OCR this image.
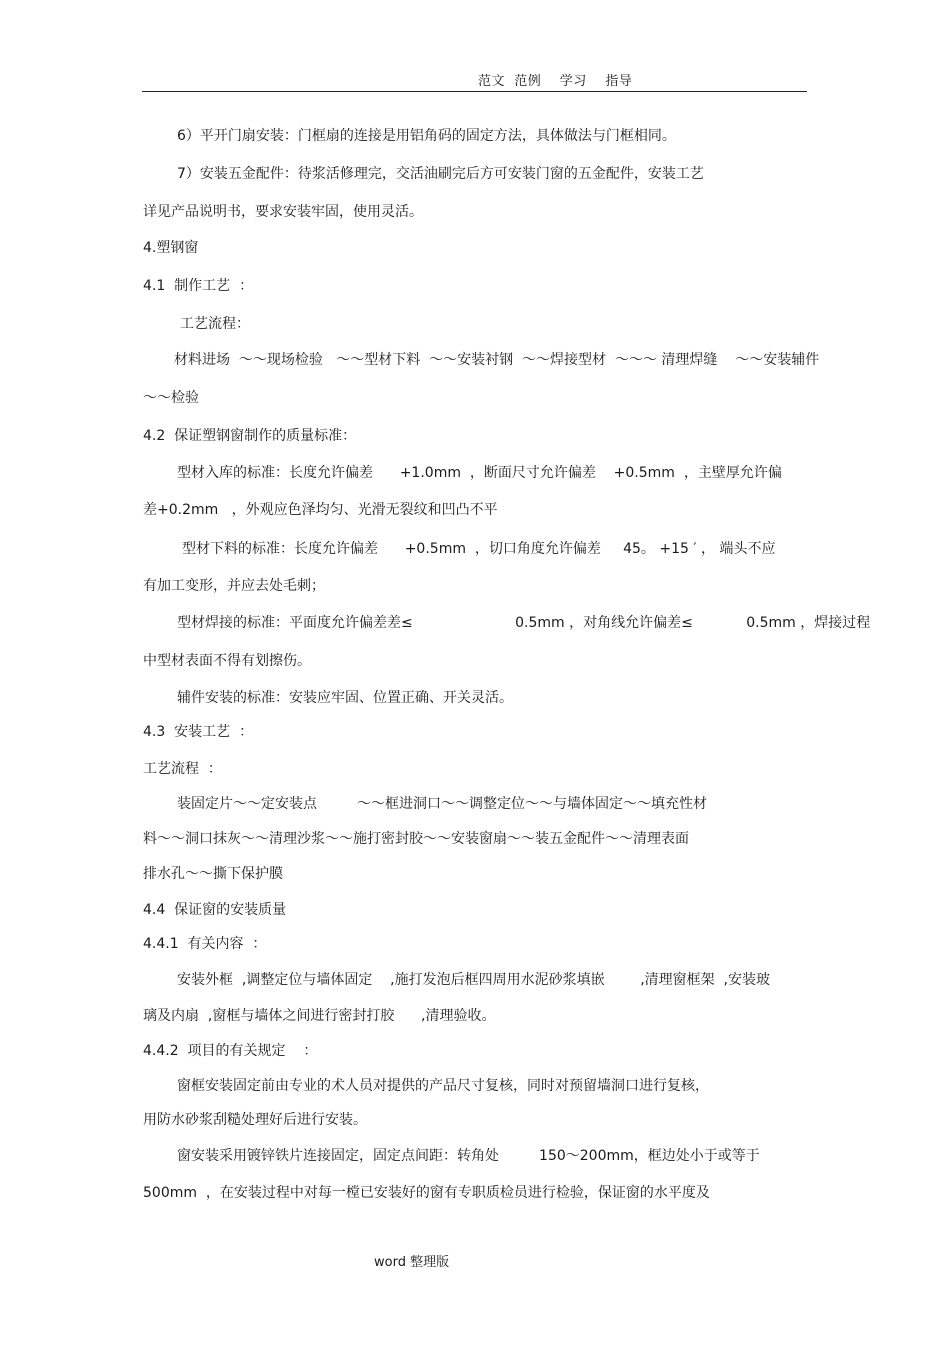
范文  范例    学习    指导
6）平开门扇安装：门框扇的连接是用铝角码的固定方法，具体做法与门框相同。
7）安装五金配件：待浆活修理完，交活油刷完后方可安装门窗的五金配件，安装工艺
详见产品说明书，要求安装牢固，使用灵活。
4.塑钢窗
4.1  制作工艺  ：
工艺流程：
材料进场  ～～现场检验   ～～型材下料  ～～安装衬钢  ～～焊接型材  ～～～ 清理焊缝    ～～安装辅件
～～检验
4.2  保证塑钢窗制作的质量标准：
型材入库的标准：长度允许偏差      +1.0mm  ，断面尺寸允许偏差    +0.5mm  ，主壁厚允许偏
差+0.2mm   ，外观应色泽均匀、光滑无裂纹和凹凸不平
型材下料的标准：长度允许偏差      +0.5mm  ，切口角度允许偏差     45。 +15 ′ ， 端头不应
有加工变形，并应去处毛刺；
型材焊接的标准：平面度允许偏差差≤                       0.5mm ，对角线允许偏差≤            0.5mm ，焊接过程
中型材表面不得有划擦伤。
辅件安装的标准：安装应牢固、位置正确、开关灵活。
4.3  安装工艺  ：
工艺流程  ：
装固定片～～定安装点         ～～框进洞口～～调整定位～～与墙体固定～～填充性材
料～～洞口抹灰～～清理沙浆～～施打密封胶～～安装窗扇～～装五金配件～～清理表面
排水孔～～撕下保护膜
4.4  保证窗的安装质量
4.4.1  有关内容  ：
安装外框  ,调整定位与墙体固定    ,施打发泡后框四周用水泥砂浆填嵌        ,清理窗框架  ,安装玻
璃及内扇  ,窗框与墙体之间进行密封打胶      ,清理验收。
4.4.2  项目的有关规定    ：
窗框安装固定前由专业的术人员对提供的产品尺寸复核，同时对预留墙洞口进行复核，
用防水砂浆刮糙处理好后进行安装。
窗安装采用镀锌铁片连接固定，固定点间距：转角处         150～200mm，框边处小于或等于
500mm  ，在安装过程中对每一樘已安装好的窗有专职质检员进行检验，保证窗的水平度及
word 整理版
